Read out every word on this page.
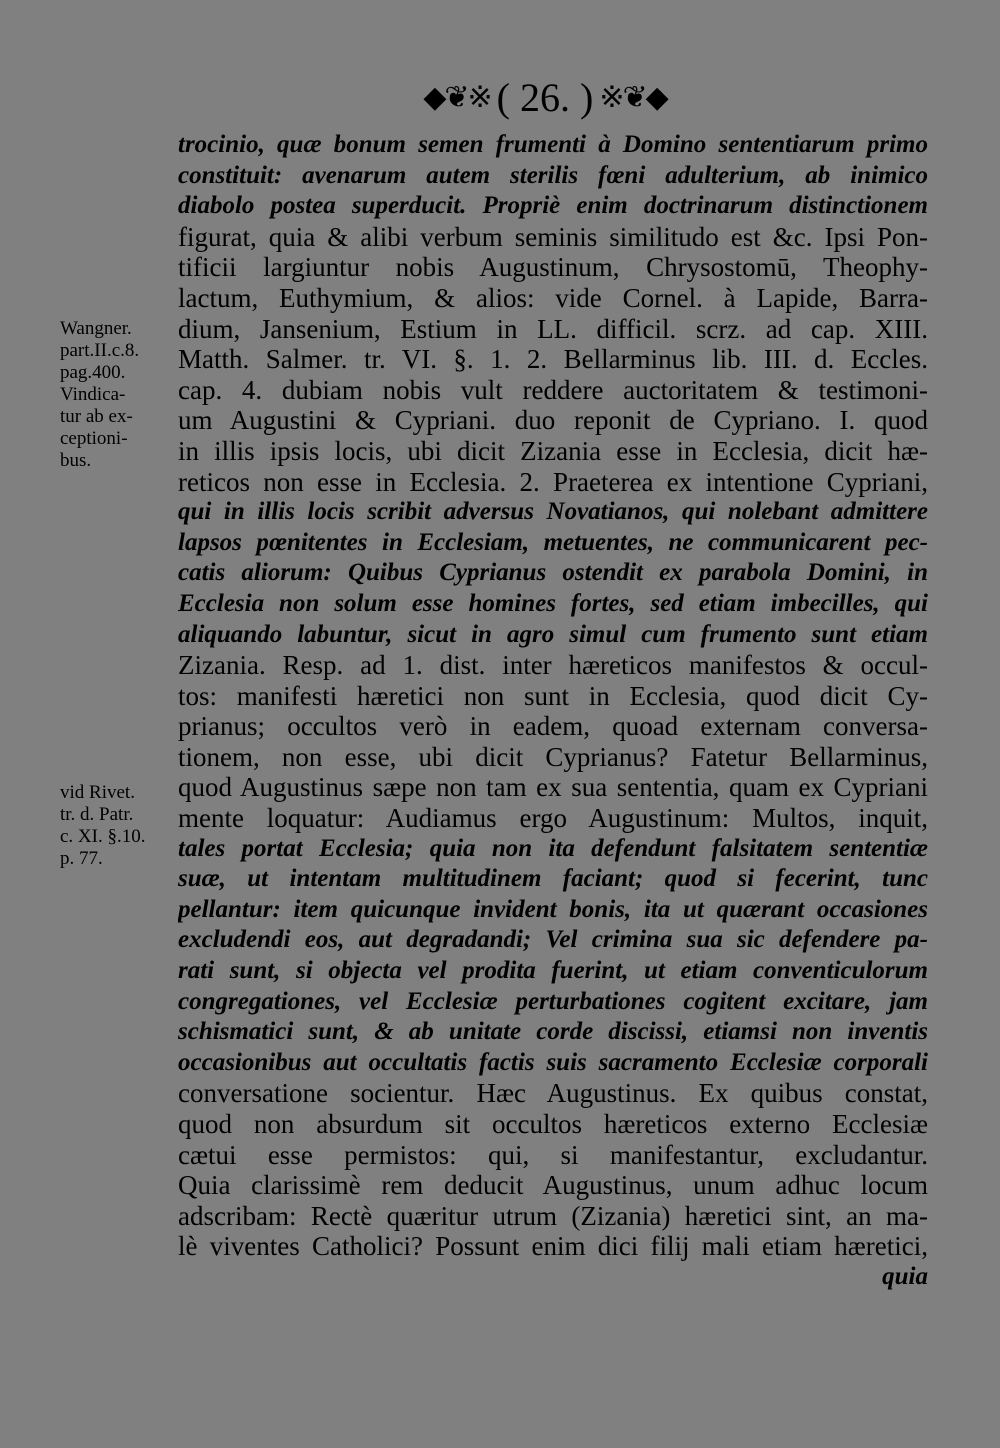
◆❦※ ( 26. ) ※❦◆
Wangner.
part.II.c.8.
pag.400.
Vindica-
tur ab ex-
ceptioni-
bus.
vid Rivet.
tr. d. Patr.
c. XI. §.10.
p. 77.
trocinio, quæ bonum semen frumenti à Domino sententiarum primo
constituit: avenarum autem sterilis fœni adulterium, ab inimico
diabolo postea superducit. Propriè enim doctrinarum distinctionem
figurat, quia & alibi verbum seminis similitudo est &c. Ipsi Pon-
tificii largiuntur nobis Augustinum, Chrysostomū, Theophy-
lactum, Euthymium, & alios: vide Cornel. à Lapide, Barra-
dium, Jansenium, Estium in LL. difficil. scrz. ad cap. XIII.
Matth. Salmer. tr. VI. §. 1. 2. Bellarminus lib. III. d. Eccles.
cap. 4. dubiam nobis vult reddere auctoritatem & testimoni-
um Augustini & Cypriani. duo reponit de Cypriano. I. quod
in illis ipsis locis, ubi dicit Zizania esse in Ecclesia, dicit hæ-
reticos non esse in Ecclesia. 2. Praeterea ex intentione Cypriani,
qui in illis locis scribit adversus Novatianos, qui nolebant admittere
lapsos pœnitentes in Ecclesiam, metuentes, ne communicarent pec-
catis aliorum: Quibus Cyprianus ostendit ex parabola Domini, in
Ecclesia non solum esse homines fortes, sed etiam imbecilles, qui
aliquando labuntur, sicut in agro simul cum frumento sunt etiam
Zizania. Resp. ad 1. dist. inter hæreticos manifestos & occul-
tos: manifesti hæretici non sunt in Ecclesia, quod dicit Cy-
prianus; occultos verò in eadem, quoad externam conversa-
tionem, non esse, ubi dicit Cyprianus? Fatetur Bellarminus,
quod Augustinus sæpe non tam ex sua sententia, quam ex Cypriani
mente loquatur: Audiamus ergo Augustinum: Multos, inquit,
tales portat Ecclesia; quia non ita defendunt falsitatem sententiæ
suæ, ut intentam multitudinem faciant; quod si fecerint, tunc
pellantur: item quicunque invident bonis, ita ut quærant occasiones
excludendi eos, aut degradandi; Vel crimina sua sic defendere pa-
rati sunt, si objecta vel prodita fuerint, ut etiam conventiculorum
congregationes, vel Ecclesiæ perturbationes cogitent excitare, jam
schismatici sunt, & ab unitate corde discissi, etiamsi non inventis
occasionibus aut occultatis factis suis sacramento Ecclesiæ corporali
conversatione socientur. Hæc Augustinus. Ex quibus constat,
quod non absurdum sit occultos hæreticos externo Ecclesiæ
cætui esse permistos: qui, si manifestantur, excludantur.
Quia clarissimè rem deducit Augustinus, unum adhuc locum
adscribam: Rectè quæritur utrum (Zizania) hæretici sint, an ma-
lè viventes Catholici? Possunt enim dici filij mali etiam hæretici,
quia
